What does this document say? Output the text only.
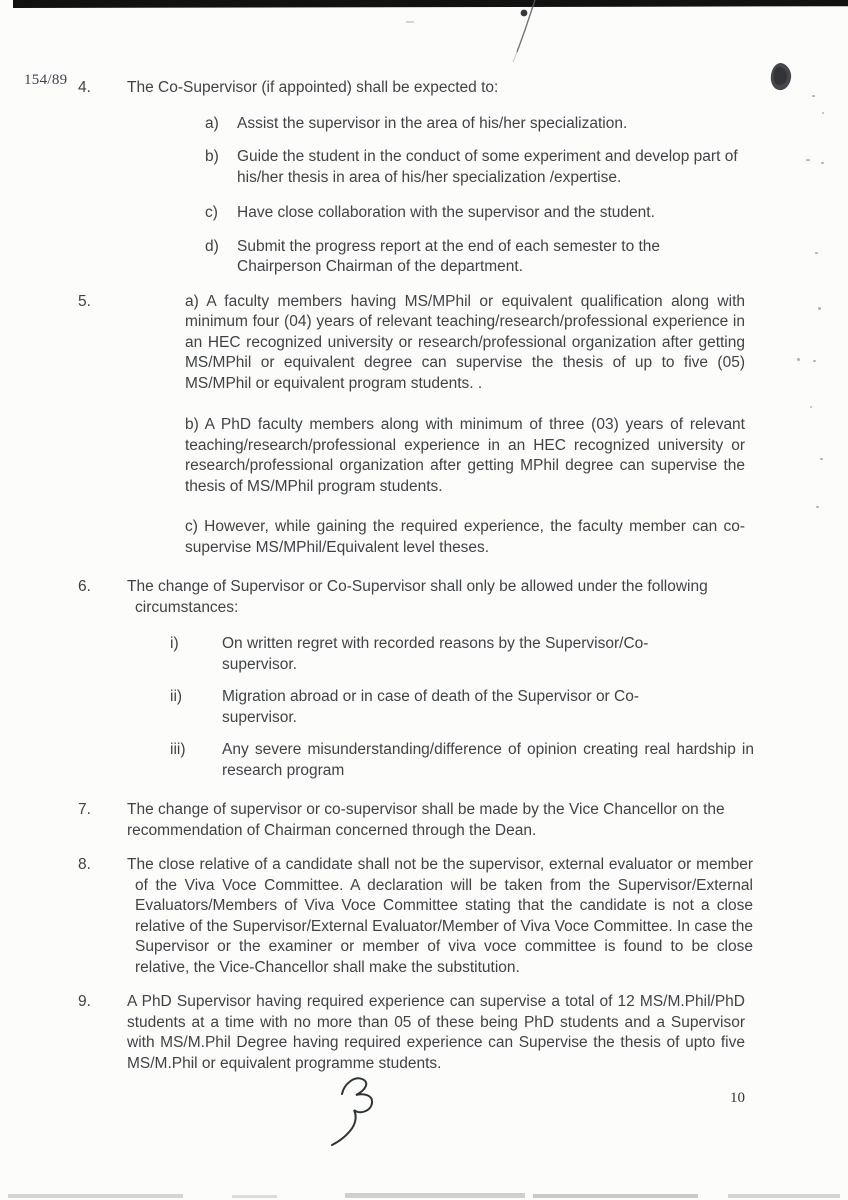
154/89 4.	The Co-Supervisor (if appointed) shall be expected to:
a)	Assist the supervisor in the area of his/her specialization.
b)	Guide the student in the conduct of some experiment and develop part of his/her thesis in area of his/her specialization /expertise.
c)	Have close collaboration with the supervisor and the student.
d)	Submit the progress report at the end of each semester to the Chairperson Chairman of the department.
5.	a) A faculty members having MS/MPhil or equivalent qualification along with minimum four (04) years of relevant teaching/research/professional experience in an HEC recognized university or research/professional organization after getting MS/MPhil or equivalent degree can supervise the thesis of up to five (05) MS/MPhil or equivalent program students. .
b) A PhD faculty members along with minimum of three (03) years of relevant teaching/research/professional experience in an HEC recognized university or research/professional organization after getting MPhil degree can supervise the thesis of MS/MPhil program students.
c) However, while gaining the required experience, the faculty member can co-supervise MS/MPhil/Equivalent level theses.
6.	The change of Supervisor or Co-Supervisor shall only be allowed under the following circumstances:
i)	On written regret with recorded reasons by the Supervisor/Co-supervisor.
ii)	Migration abroad or in case of death of the Supervisor or Co-supervisor.
iii)	Any severe misunderstanding/difference of opinion creating real hardship in research program
7.	The change of supervisor or co-supervisor shall be made by the Vice Chancellor on the recommendation of Chairman concerned through the Dean.
8.	The close relative of a candidate shall not be the supervisor, external evaluator or member of the Viva Voce Committee. A declaration will be taken from the Supervisor/External Evaluators/Members of Viva Voce Committee stating that the candidate is not a close relative of the Supervisor/External Evaluator/Member of Viva Voce Committee. In case the Supervisor or the examiner or member of viva voce committee is found to be close relative, the Vice-Chancellor shall make the substitution.
9.	A PhD Supervisor having required experience can supervise a total of 12 MS/M.Phil/PhD students at a time with no more than 05 of these being PhD students and a Supervisor with MS/M.Phil Degree having required experience can Supervise the thesis of upto five MS/M.Phil or equivalent programme students.
10
